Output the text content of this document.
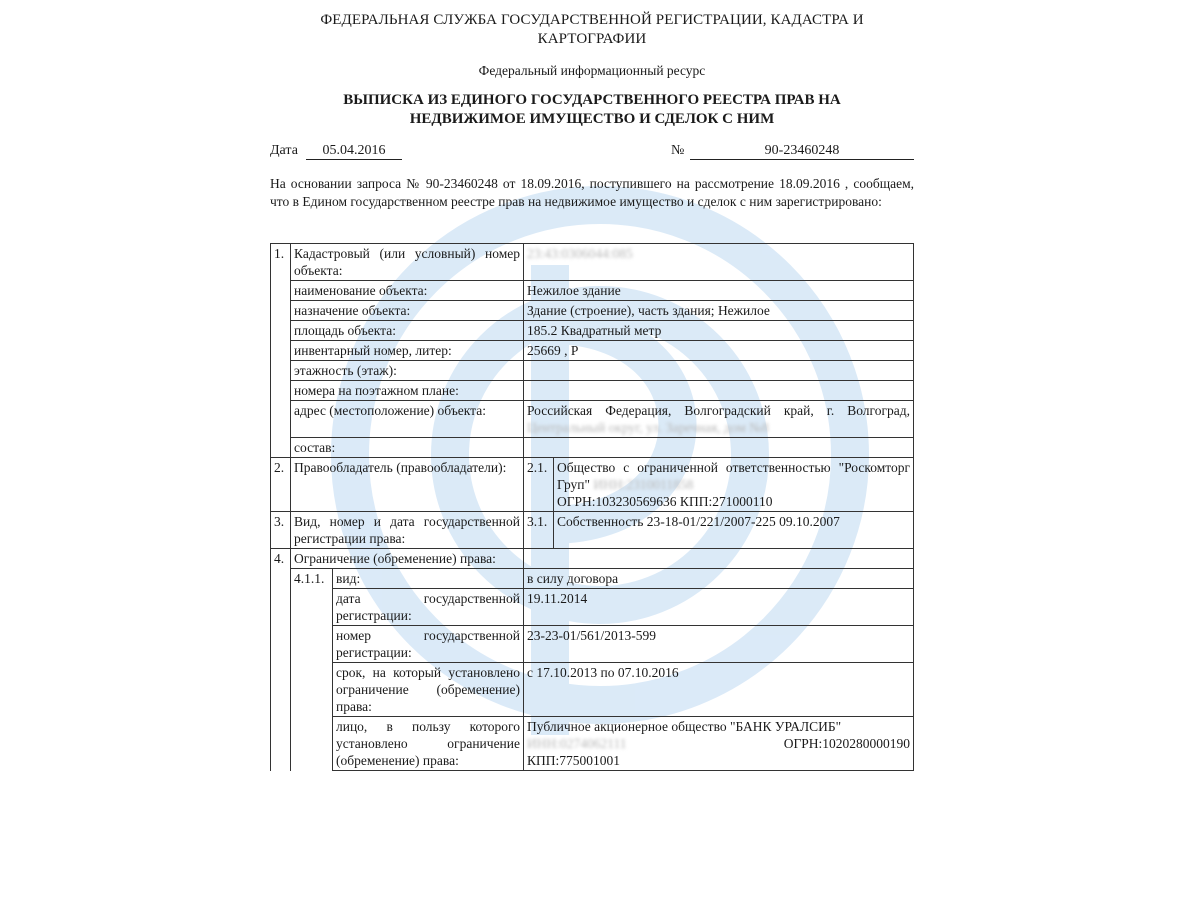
ФЕДЕРАЛЬНАЯ СЛУЖБА ГОСУДАРСТВЕННОЙ РЕГИСТРАЦИИ, КАДАСТРА И
КАРТОГРАФИИ
Федеральный информационный ресурс
ВЫПИСКА ИЗ ЕДИНОГО ГОСУДАРСТВЕННОГО РЕЕСТРА ПРАВ НА
НЕДВИЖИМОЕ ИМУЩЕСТВО И СДЕЛОК С НИМ
Дата	05.04.2016	№	90-23460248
На основании запроса № 90-23460248 от 18.09.2016, поступившего на рассмотрение 18.09.2016 , сообщаем, что в Едином государственном реестре прав на недвижимое имущество и сделок с ним зарегистрировано:
1.	Кадастровый (или условный) номер объекта:		23:43:0306044:085	
	наименование объекта:		Нежилое здание	
	назначение объекта:		Здание (строение), часть здания; Нежилое	
	площадь объекта:		185.2 Квадратный метр	
	инвентарный номер, литер:		25669 , Р	
	этажность (этаж):			
	номера на поэтажном плане:			
	адрес (местоположение) объекта:		Российская Федерация, Волгоградский край, г. Волгоград, Центральный округ, ул. Заречная, дом №8	
	состав:			
2.	Правообладатель (правообладатели):		2.1.	Общество с ограниченной ответственностью "Роскомторг Груп" ИНН:2310011858
ОГРН:103230569636 КПП:271000110
3.	Вид, номер и дата государственной регистрации права:		3.1.	Собственность 23-18-01/221/2007-225 09.10.2007
4.	Ограничение (обременение) права:			
	4.1.1.	вид:	в силу договора	
		дата государственной регистрации:	19.11.2014	
		номер государственной регистрации:	23-23-01/561/2013-599	
		срок, на который установлено ограничение (обременение) права:	с 17.10.2013 по 07.10.2016	
		лицо, в пользу которого установлено ограничение (обременение) права:	Публичное акционерное общество "БАНК УРАЛСИБ"
ИНН:0274062111 ОГРН:1020280000190
КПП:775001001	
